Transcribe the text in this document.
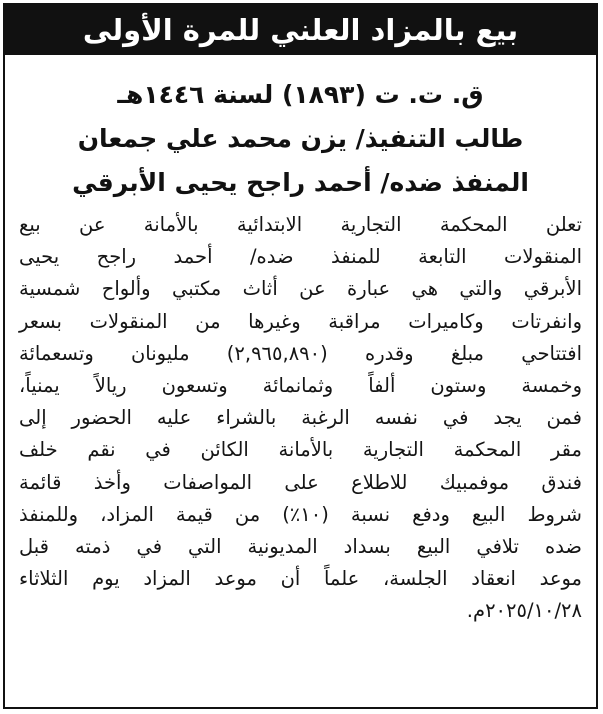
بيع بالمزاد العلني للمرة الأولى
ق. ت. ت (١٨٩٣) لسنة ١٤٤٦هـ
طالب التنفيذ/ يزن محمد علي جمعان
المنفذ ضده/ أحمد راجح يحيى الأبرقي
تعلن المحكمة التجارية الابتدائية بالأمانة عن بيع
المنقولات التابعة للمنفذ ضده/ أحمد راجح يحيى
الأبرقي والتي هي عبارة عن أثاث مكتبي وألواح شمسية
وانفرتات وكاميرات مراقبة وغيرها من المنقولات بسعر
افتتاحي مبلغ وقدره (٢,٩٦٥,٨٩٠) مليونان وتسعمائة
وخمسة وستون ألفاً وثمانمائة وتسعون ريالاً يمنياً،
فمن يجد في نفسه الرغبة بالشراء عليه الحضور إلى
مقر المحكمة التجارية بالأمانة الكائن في نقم خلف
فندق موفمبيك للاطلاع على المواصفات وأخذ قائمة
شروط البيع ودفع نسبة (١٠٪) من قيمة المزاد، وللمنفذ
ضده تلافي البيع بسداد المديونية التي في ذمته قبل
موعد انعقاد الجلسة، علماً أن موعد المزاد يوم الثلاثاء
٢٠٢٥/١٠/٢٨م.
